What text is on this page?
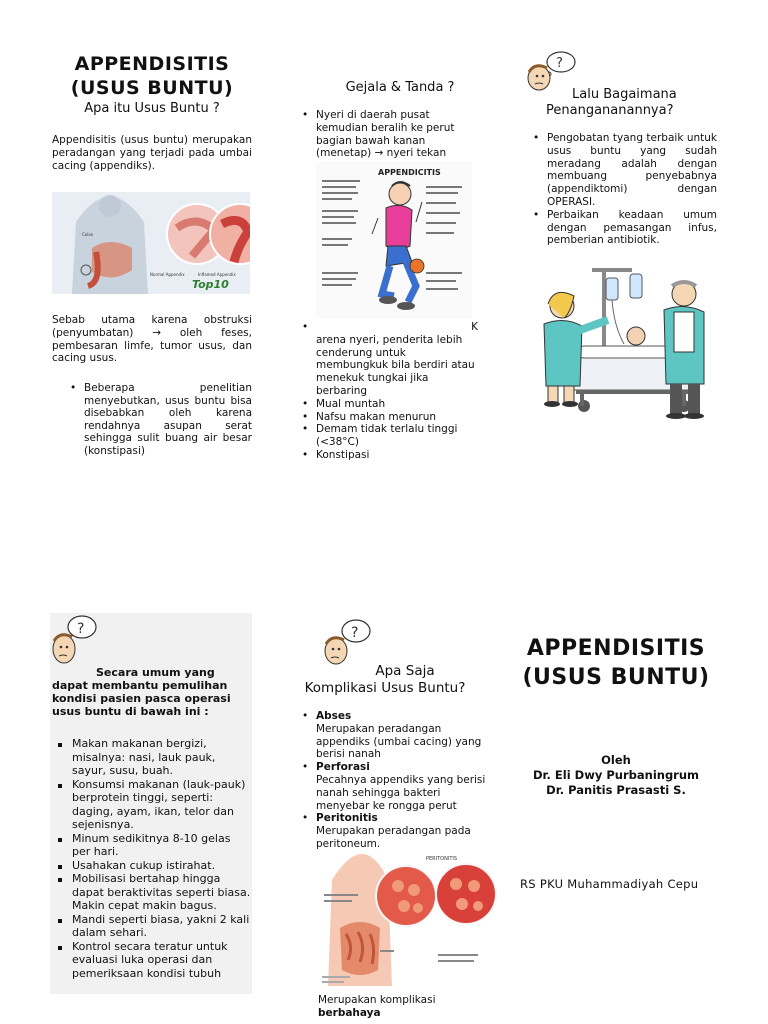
APPENDISITIS
(USUS BUNTU)
Apa itu Usus Buntu ?

Appendisitis (usus buntu) merupakan peradangan yang terjadi pada umbai cacing (appendiks).

Colon
Normal Appendix	Inflamed Appendix
Top10

Sebab utama karena obstruksi (penyumbatan) → oleh feses, pembesaran limfe, tumor usus, dan cacing usus.

• Beberapa penelitian menyebutkan, usus buntu bisa disebabkan oleh karena rendahnya asupan serat sehingga sulit buang air besar (konstipasi)
Gejala & Tanda ?
• Nyeri di daerah pusat kemudian beralih ke perut bagian bawah kanan (menetap) → nyeri tekan
APPENDICITIS
•	K
arena nyeri, penderita lebih cenderung untuk membungkuk bila berdiri atau menekuk tungkai jika berbaring
• Mual muntah
• Nafsu makan menurun
• Demam tidak terlalu tinggi (<38°C)
• Konstipasi
?
Lalu Bagaimana
Penangananannya?
• Pengobatan tyang terbaik untuk usus buntu yang sudah meradang adalah dengan membuang penyebabnya (appendiktomi) dengan OPERASI.
• Perbaikan keadaan umum dengan pemasangan infus, pemberian antibiotik.
?

Secara umum yang dapat membantu pemulihan kondisi pasien pasca operasi usus buntu di bawah ini :

Makan makanan bergizi, misalnya: nasi, lauk pauk, sayur, susu, buah.
Konsumsi makanan (lauk-pauk) berprotein tinggi, seperti: daging, ayam, ikan, telor dan sejenisnya.
Minum sedikitnya 8-10 gelas per hari.
Usahakan cukup istirahat.
Mobilisasi bertahap hingga dapat beraktivitas seperti biasa. Makin cepat makin bagus.
Mandi seperti biasa, yakni 2 kali dalam sehari.
Kontrol secara teratur untuk evaluasi luka operasi dan pemeriksaan kondisi tubuh
?
Apa Saja
Komplikasi Usus Buntu?
• Abses
Merupakan peradangan appendiks (umbai cacing) yang berisi nanah
• Perforasi
Pecahnya appendiks yang berisi nanah sehingga bakteri menyebar ke rongga perut
• Peritonitis
Merupakan peradangan pada peritoneum.
PERITONITIS
Merupakan komplikasi
berbahaya
APPENDISITIS
(USUS BUNTU)
Oleh
Dr. Eli Dwy Purbaningrum
Dr. Panitis Prasasti S.
RS PKU Muhammadiyah Cepu
